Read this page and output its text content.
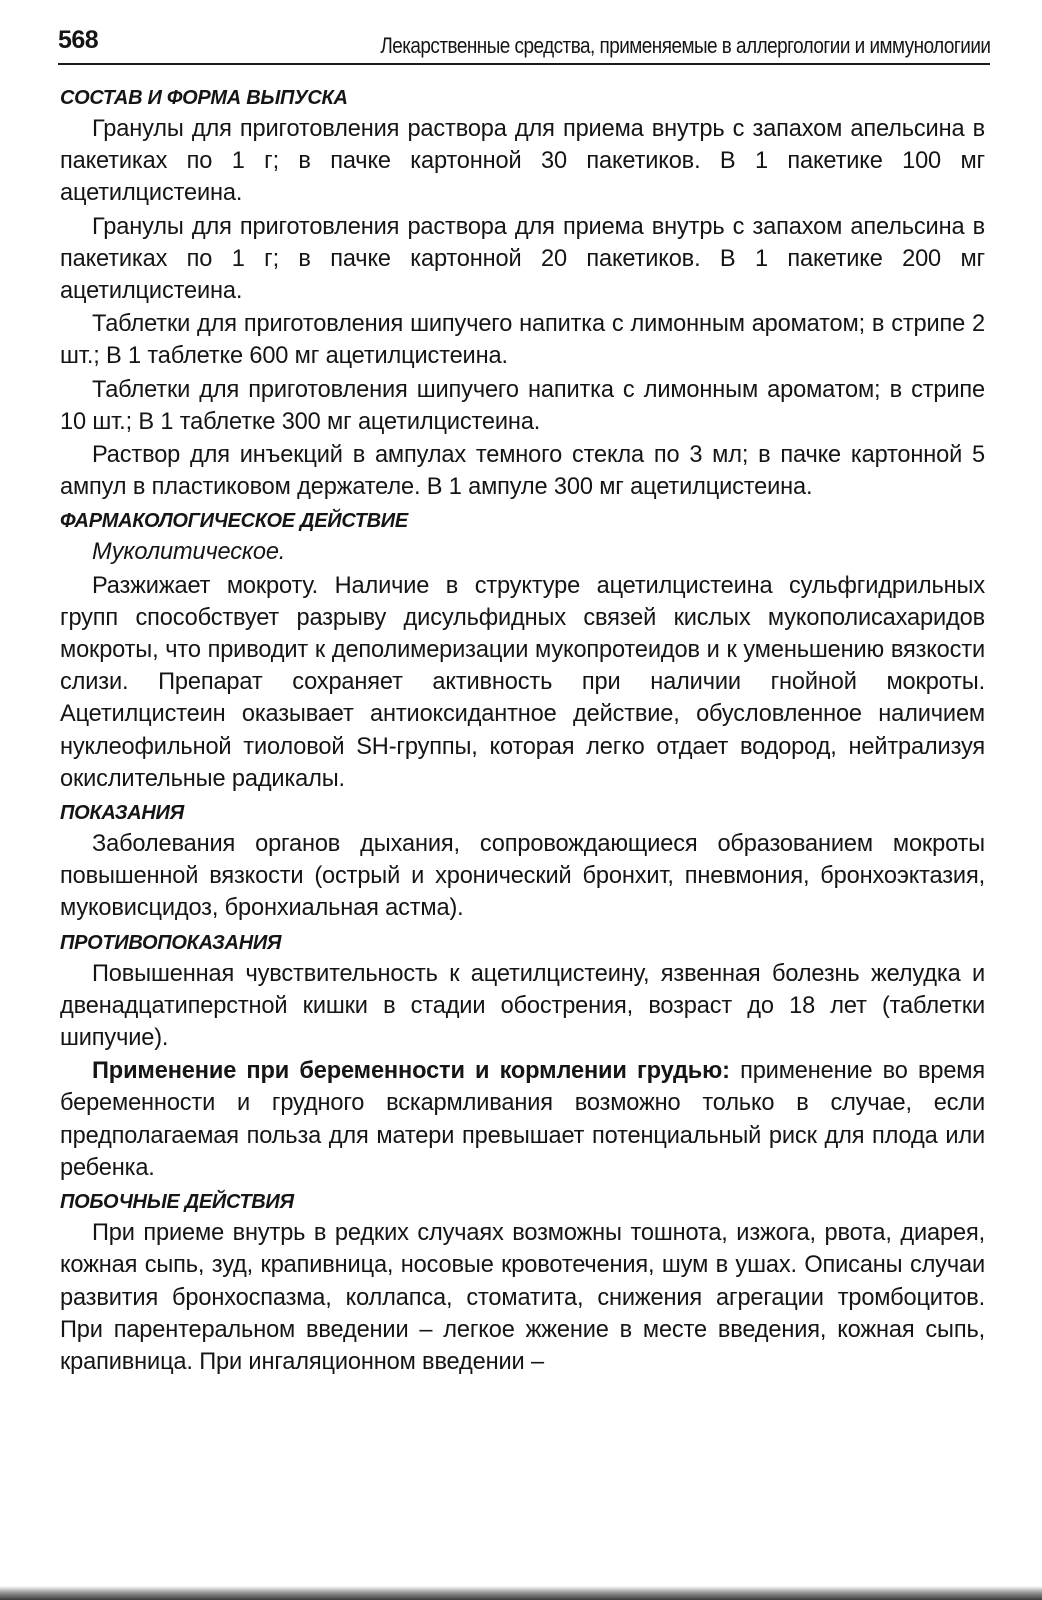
568	Лекарственные средства, применяемые в аллергологии и иммунологиии
СОСТАВ И ФОРМА ВЫПУСКА

Гранулы для приготовления раствора для приема внутрь с запахом апельсина в пакетиках по 1 г; в пачке картонной 30 пакетиков. В 1 пакетике 100 мг ацетилцистеина.

Гранулы для приготовления раствора для приема внутрь с запахом апельсина в пакетиках по 1 г; в пачке картонной 20 пакетиков. В 1 пакетике 200 мг ацетилцистеина.

Таблетки для приготовления шипучего напитка с лимонным ароматом; в стрипе 2 шт.; В 1 таблетке 600 мг ацетилцистеина.

Таблетки для приготовления шипучего напитка с лимонным ароматом; в стрипе 10 шт.; В 1 таблетке 300 мг ацетилцистеина.

Раствор для инъекций в ампулах темного стекла по 3 мл; в пачке картонной 5 ампул в пластиковом держателе. В 1 ампуле 300 мг ацетилцистеина.

ФАРМАКОЛОГИЧЕСКОЕ ДЕЙСТВИЕ

Муколитическое.

Разжижает мокроту. Наличие в структуре ацетилцистеина сульфгидрильных групп способствует разрыву дисульфидных связей кислых мукополисахаридов мокроты, что приводит к деполимеризации мукопротеидов и к уменьшению вязкости слизи. Препарат сохраняет активность при наличии гнойной мокроты. Ацетилцистеин оказывает антиоксидантное действие, обусловленное наличием нуклеофильной тиоловой SH-группы, которая легко отдает водород, нейтрализуя окислительные радикалы.

ПОКАЗАНИЯ

Заболевания органов дыхания, сопровождающиеся образованием мокроты повышенной вязкости (острый и хронический бронхит, пневмония, бронхоэктазия, муковисцидоз, бронхиальная астма).

ПРОТИВОПОКАЗАНИЯ

Повышенная чувствительность к ацетилцистеину, язвенная болезнь желудка и двенадцатиперстной кишки в стадии обострения, возраст до 18 лет (таблетки шипучие).

Применение при беременности и кормлении грудью: применение во время беременности и грудного вскармливания возможно только в случае, если предполагаемая польза для матери превышает потенциальный риск для плода или ребенка.

ПОБОЧНЫЕ ДЕЙСТВИЯ

При приеме внутрь в редких случаях возможны тошнота, изжога, рвота, диарея, кожная сыпь, зуд, крапивница, носовые кровотечения, шум в ушах. Описаны случаи развития бронхоспазма, коллапса, стоматита, снижения агрегации тромбоцитов. При парентеральном введении – легкое жжение в месте введения, кожная сыпь, крапивница. При ингаляционном введении –
